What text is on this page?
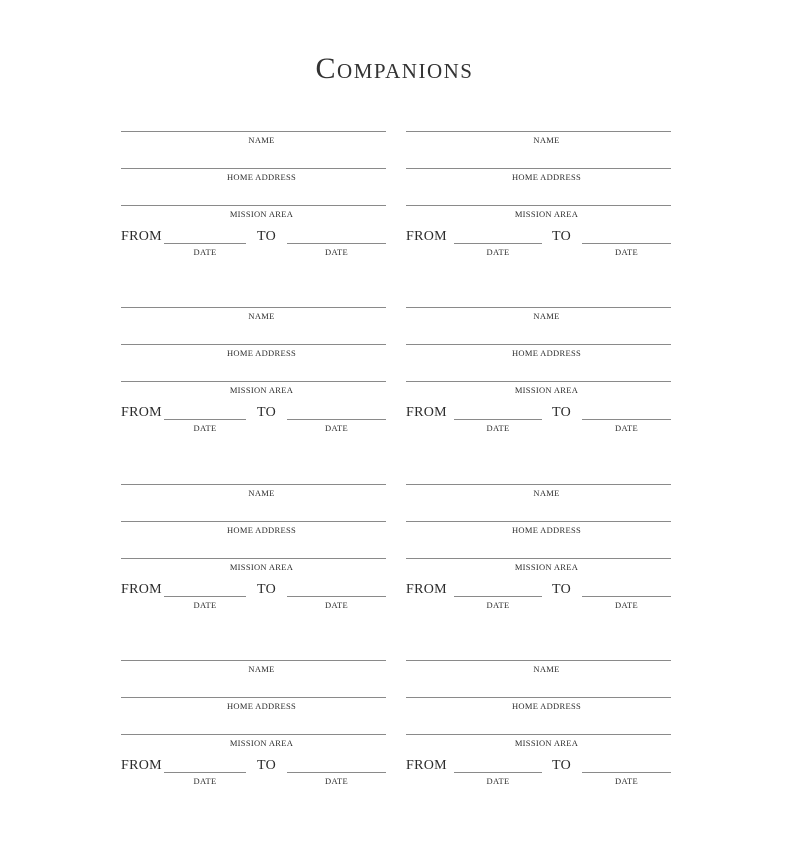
Companions
NAME
HOME ADDRESS
MISSION AREA
FROM
DATE
TO
DATE
NAME
HOME ADDRESS
MISSION AREA
FROM
DATE
TO
DATE
NAME
HOME ADDRESS
MISSION AREA
FROM
DATE
TO
DATE
NAME
HOME ADDRESS
MISSION AREA
FROM
DATE
TO
DATE
NAME
HOME ADDRESS
MISSION AREA
FROM
DATE
TO
DATE
NAME
HOME ADDRESS
MISSION AREA
FROM
DATE
TO
DATE
NAME
HOME ADDRESS
MISSION AREA
FROM
DATE
TO
DATE
NAME
HOME ADDRESS
MISSION AREA
FROM
DATE
TO
DATE
